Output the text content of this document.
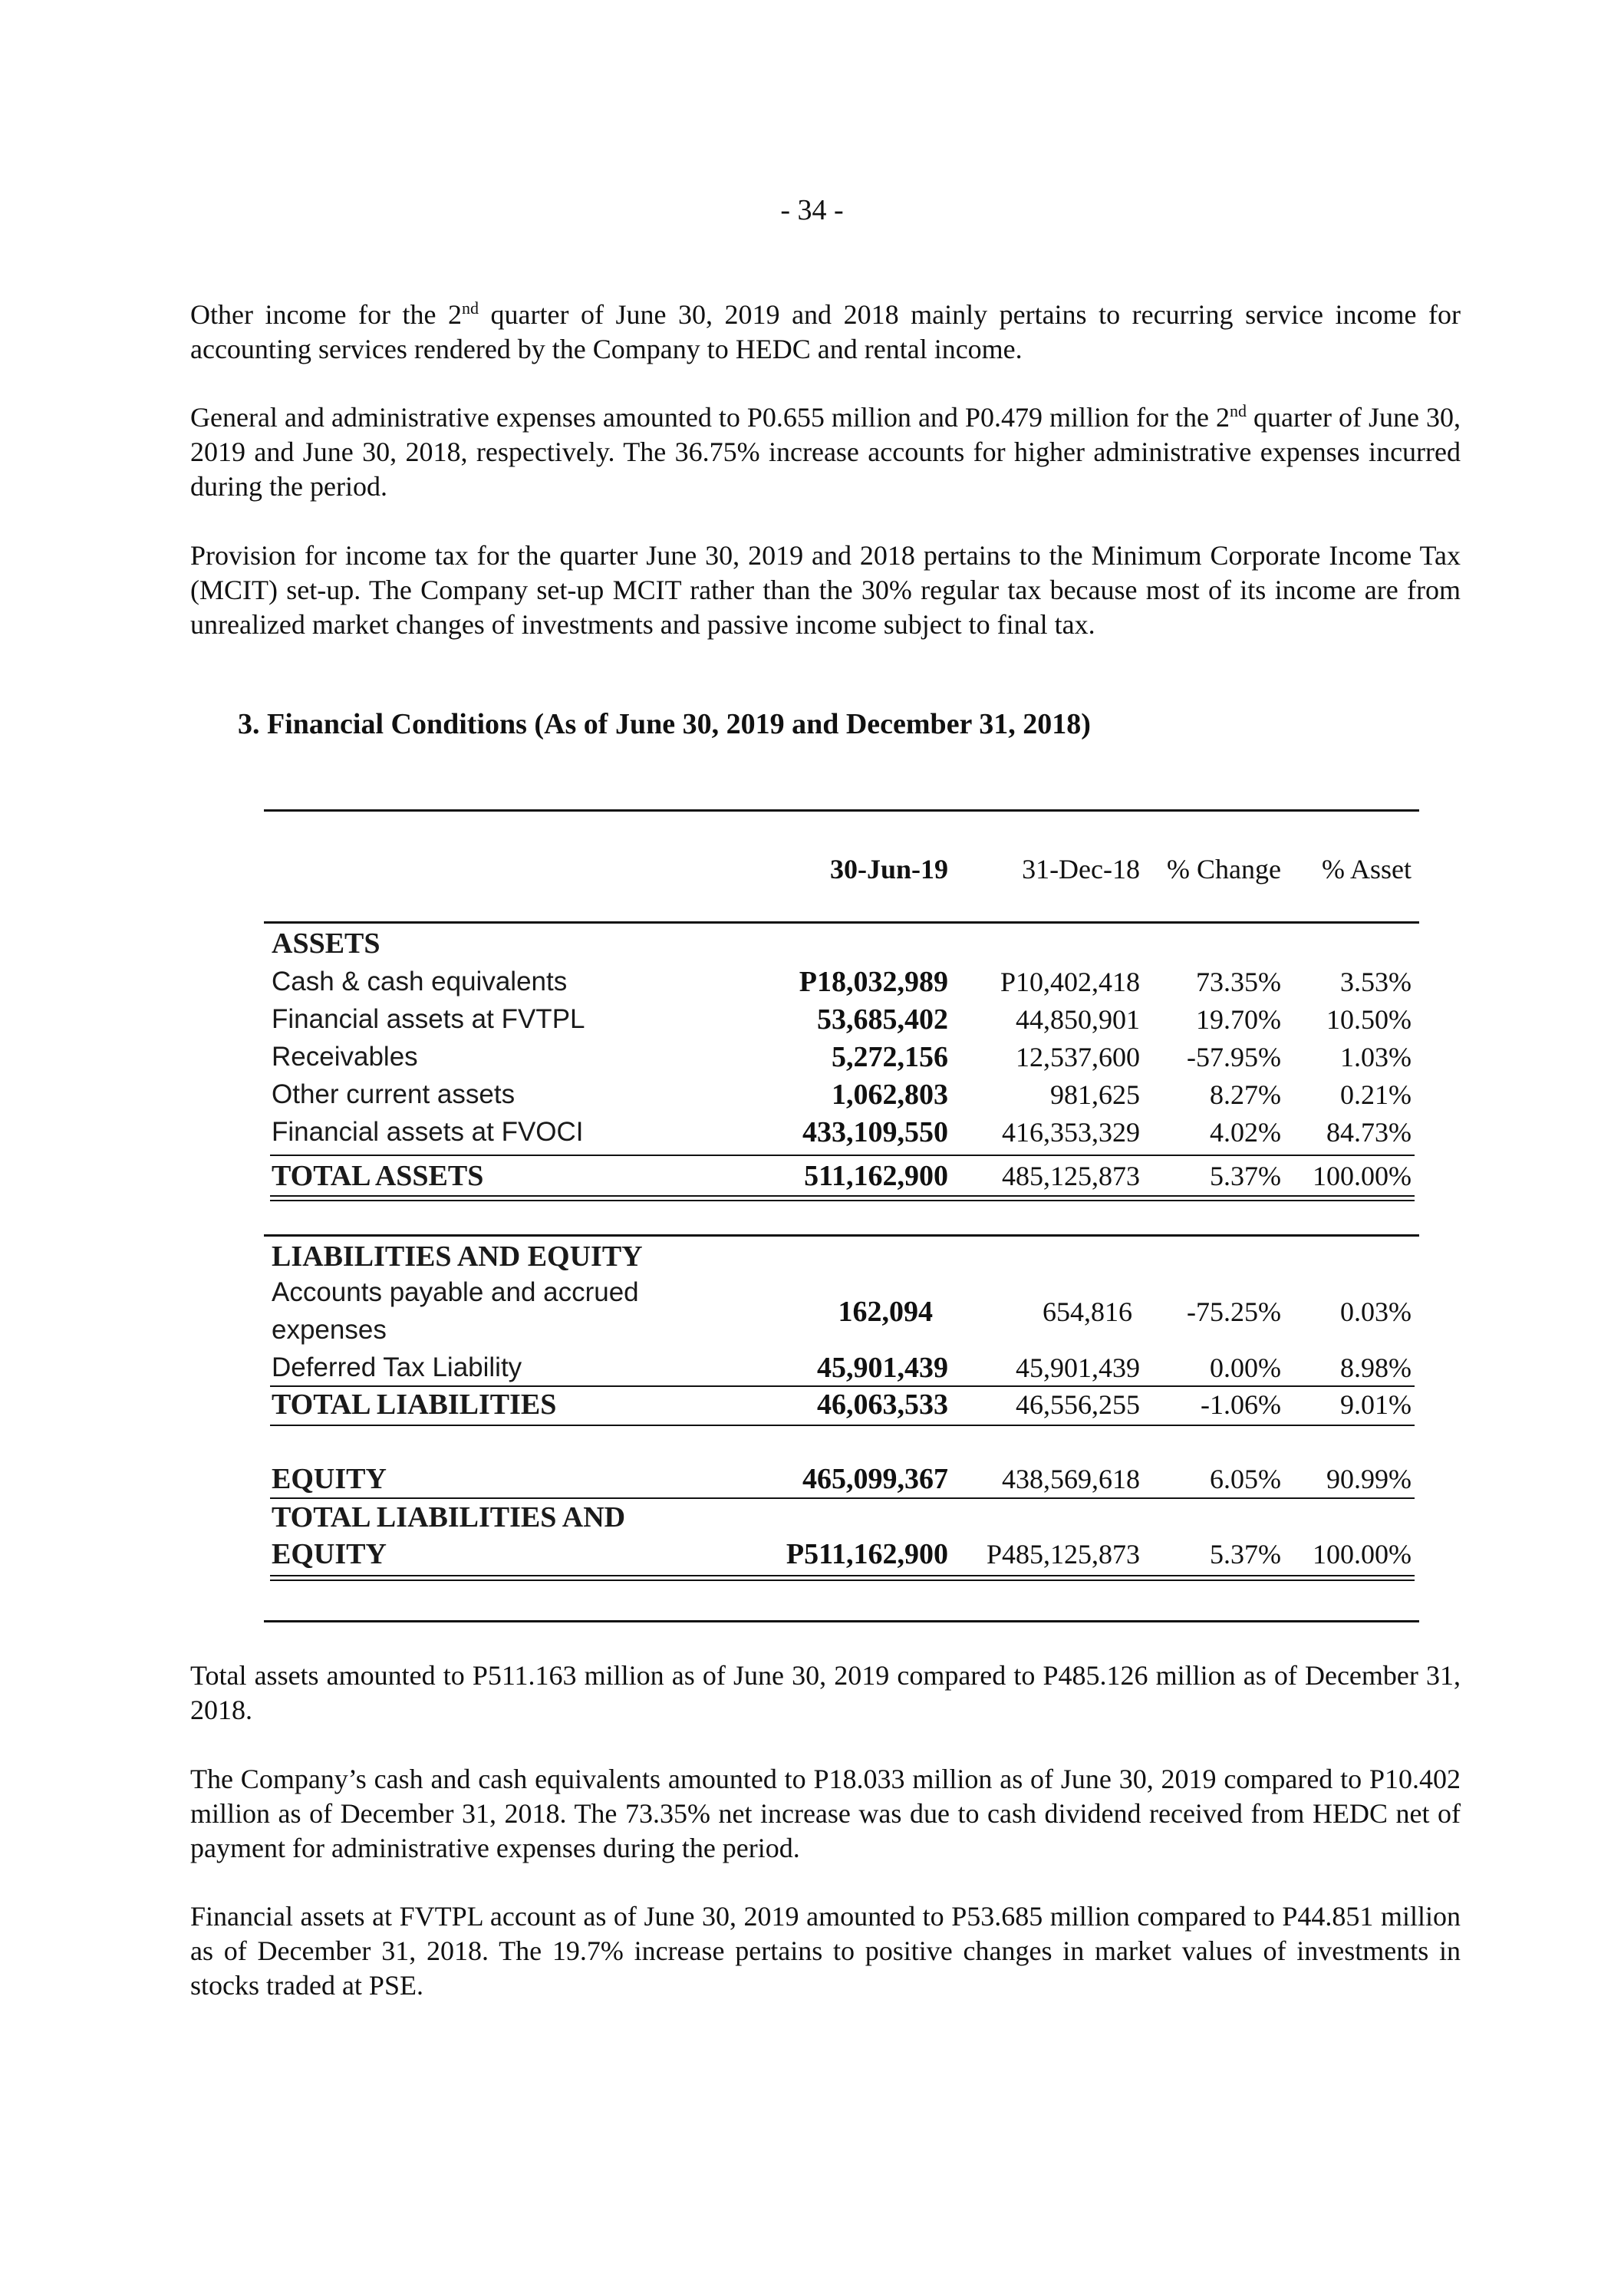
- 34 -

Other income for the 2nd quarter of June 30, 2019 and 2018 mainly pertains to recurring service income for accounting services rendered by the Company to HEDC and rental income.

General and administrative expenses amounted to P0.655 million and P0.479 million for the 2nd quarter of June 30, 2019 and June 30, 2018, respectively. The 36.75% increase accounts for higher administrative expenses incurred during the period.

Provision for income tax for the quarter June 30, 2019 and 2018 pertains to the Minimum Corporate Income Tax (MCIT) set-up. The Company set-up MCIT rather than the 30% regular tax because most of its income are from unrealized market changes of investments and passive income subject to final tax.

3. Financial Conditions (As of June 30, 2019 and December 31, 2018)
30-Jun-19	31-Dec-18 % Change % Asset
ASSETS
Cash & cash equivalents	P18,032,989 P10,402,418 73.35% 3.53%
Financial assets at FVTPL	53,685,402 44,850,901 19.70% 10.50%
Receivables	5,272,156 12,537,600 -57.95% 1.03%
Other current assets	1,062,803	981,625	8.27% 0.21%
Financial assets at FVOCI	433,109,550 416,353,329	4.02% 84.73%
TOTAL ASSETS	511,162,900 485,125,873	5.37% 100.00%
LIABILITIES AND EQUITY
Accounts payable and accrued
expenses
162,094	654,816 -75.25% 0.03%
Deferred Tax Liability	45,901,439 45,901,439	0.00% 8.98%
TOTAL LIABILITIES	46,063,533 46,556,255 -1.06% 9.01%
EQUITY	465,099,367 438,569,618	6.05% 90.99%
TOTAL LIABILITIES AND
EQUITY	P511,162,900 P485,125,873	5.37% 100.00%

Total assets amounted to P511.163 million as of June 30, 2019 compared to P485.126 million as of December 31, 2018.

The Company’s cash and cash equivalents amounted to P18.033 million as of June 30, 2019 compared to P10.402 million as of December 31, 2018. The 73.35% net increase was due to cash dividend received from HEDC net of payment for administrative expenses during the period.

Financial assets at FVTPL account as of June 30, 2019 amounted to P53.685 million compared to P44.851 million as of December 31, 2018. The 19.7% increase pertains to positive changes in market values of investments in stocks traded at PSE.
